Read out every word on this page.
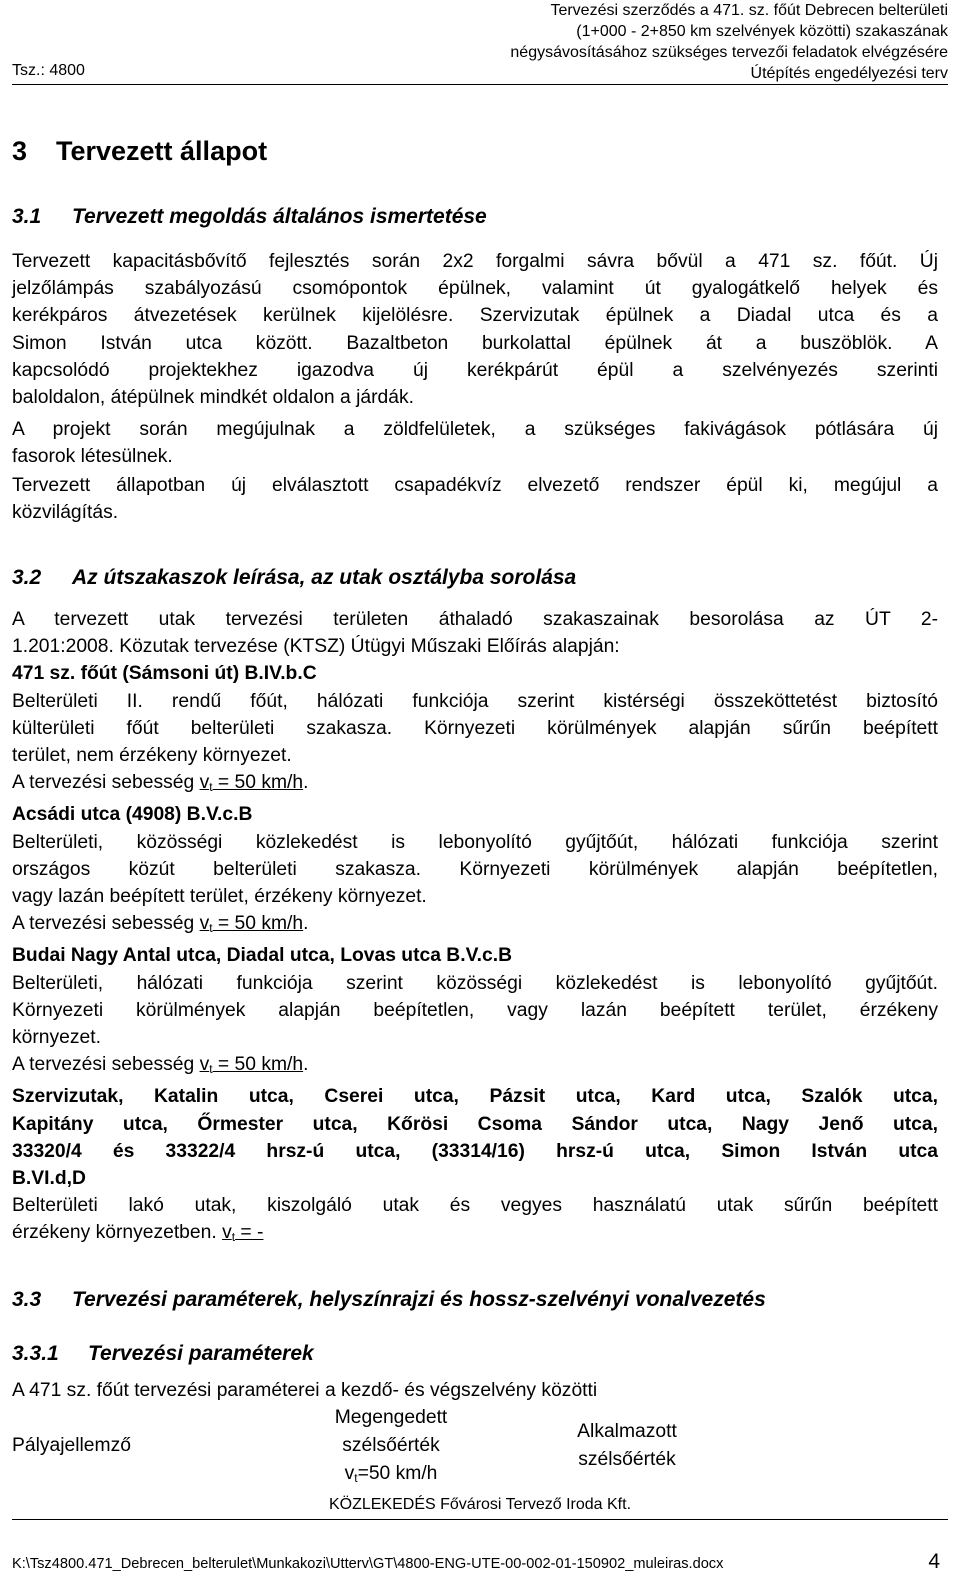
Tsz.: 4800
Tervezési szerződés a 471. sz. főút Debrecen belterületi
(1+000 - 2+850 km szelvények közötti) szakaszának
négysávosításához szükséges tervezői feladatok elvégzésére
Útépítés engedélyezési terv
3 Tervezett állapot
3.1 Tervezett megoldás általános ismertetése
Tervezett kapacitásbővítő fejlesztés során 2x2 forgalmi sávra bővül a 471 sz. főút. Új
jelzőlámpás szabályozású csomópontok épülnek, valamint út gyalogátkelő helyek és
kerékpáros átvezetések kerülnek kijelölésre. Szervizutak épülnek a Diadal utca és a
Simon István utca között. Bazaltbeton burkolattal épülnek át a buszöblök. A
kapcsolódó projektekhez igazodva új kerékpárút épül a szelvényezés szerinti
baloldalon, átépülnek mindkét oldalon a járdák.
A projekt során megújulnak a zöldfelületek, a szükséges fakivágások pótlására új
fasorok létesülnek.
Tervezett állapotban új elválasztott csapadékvíz elvezető rendszer épül ki, megújul a
közvilágítás.
3.2 Az útszakaszok leírása, az utak osztályba sorolása
A tervezett utak tervezési területen áthaladó szakaszainak besorolása az ÚT 2-
1.201:2008. Közutak tervezése (KTSZ) Útügyi Műszaki Előírás alapján:
471 sz. főút (Sámsoni út) B.IV.b.C
Belterületi II. rendű főút, hálózati funkciója szerint kistérségi összeköttetést biztosító
külterületi főút belterületi szakasza. Környezeti körülmények alapján sűrűn beépített
terület, nem érzékeny környezet.
A tervezési sebesség $v_t = 50$ km/h.
Acsádi utca (4908) B.V.c.B
Belterületi, közösségi közlekedést is lebonyolító gyűjtőút, hálózati funkciója szerint
országos közút belterületi szakasza. Környezeti körülmények alapján beépítetlen,
vagy lazán beépített terület, érzékeny környezet.
A tervezési sebesség $v_t = 50$ km/h.
Budai Nagy Antal utca, Diadal utca, Lovas utca B.V.c.B
Belterületi, hálózati funkciója szerint közösségi közlekedést is lebonyolító gyűjtőút.
Környezeti körülmények alapján beépítetlen, vagy lazán beépített terület, érzékeny
környezet.
A tervezési sebesség $v_t = 50$ km/h.
Szervizutak, Katalin utca, Cserei utca, Pázsit utca, Kard utca, Szalók utca,
Kapitány utca, Őrmester utca, Kőrösi Csoma Sándor utca, Nagy Jenő utca,
33320/4 és 33322/4 hrsz-ú utca, (33314/16) hrsz-ú utca, Simon István utca
B.VI.d,D
Belterületi lakó utak, kiszolgáló utak és vegyes használatú utak sűrűn beépített
érzékeny környezetben. $v_t$ = -
3.3 Tervezési paraméterek, helyszínrajzi és hossz-szelvényi vonalvezetés
3.3.1 Tervezési paraméterek
A 471 sz. főút tervezési paraméterei a kezdő- és végszelvény közötti
Pályajellemző
Megengedett
szélsőérték
$v_t=50$ km/h
Alkalmazott
szélsőérték
KÖZLEKEDÉS Fővárosi Tervező Iroda Kft.
K:\Tsz4800.471_Debrecen_belterulet\Munkakozi\Utterv\GT\4800-ENG-UTE-00-002-01-150902_muleiras.docx	4
